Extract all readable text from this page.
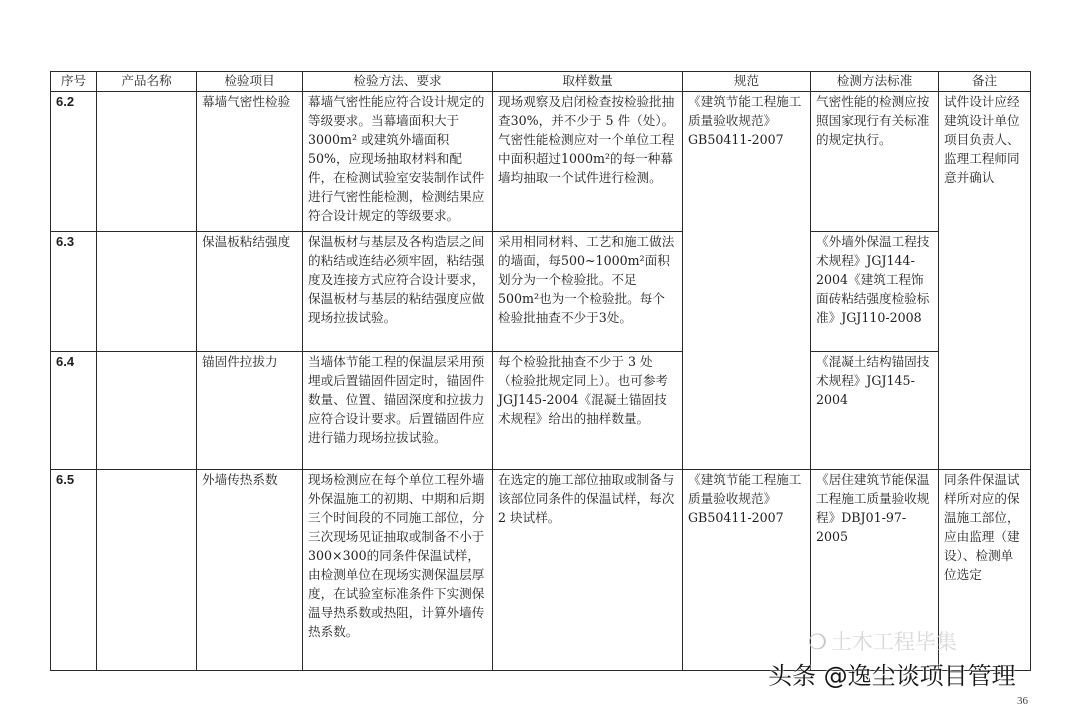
序号	产品名称	检验项目	检验方法、要求	取样数量	规范	检测方法标准	备注
6.2		幕墙气密性检验	幕墙气密性能应符合设计规定的等级要求。当幕墙面积大于 3000m² 或建筑外墙面积50%，应现场抽取材料和配件，在检测试验室安装制作试件进行气密性能检测，检测结果应符合设计规定的等级要求。	现场观察及启闭检查按检验批抽查30%，并不少于 5 件（处）。气密性能检测应对一个单位工程中面积超过1000m²的每一种幕墙均抽取一个试件进行检测。	《建筑节能工程施工质量验收规范》GB50411-2007	气密性能的检测应按照国家现行有关标准的规定执行。	试件设计应经建筑设计单位项目负责人、监理工程师同意并确认
6.3		保温板粘结强度	保温板材与基层及各构造层之间的粘结或连结必须牢固，粘结强度及连接方式应符合设计要求，保温板材与基层的粘结强度应做现场拉拔试验。	采用相同材料、工艺和施工做法的墙面，每500~1000m²面积划分为一个检验批。不足 500m²也为一个检验批。每个检验批抽查不少于3处。		《外墙外保温工程技术规程》JGJ144-2004《建筑工程饰面砖粘结强度检验标准》JGJ110-2008	
6.4		锚固件拉拔力	当墙体节能工程的保温层采用预埋或后置锚固件固定时，锚固件数量、位置、锚固深度和拉拔力应符合设计要求。后置锚固件应进行锚力现场拉拔试验。	每个检验批抽查不少于 3 处（检验批规定同上）。也可参考 JGJ145-2004《混凝土锚固技术规程》给出的抽样数量。		《混凝土结构锚固技术规程》JGJ145-2004	
6.5		外墙传热系数	现场检测应在每个单位工程外墙外保温施工的初期、中期和后期三个时间段的不同施工部位，分三次现场见证抽取或制备不小于 300×300的同条件保温试样，由检测单位在现场实测保温层厚度，在试验室标准条件下实测保温导热系数或热阻，计算外墙传热系数。	在选定的施工部位抽取或制备与该部位同条件的保温试样，每次 2 块试样。	《建筑节能工程施工质量验收规范》GB50411-2007	《居住建筑节能保温工程施工质量验收规程》DBJ01-97-2005	同条件保温试样所对应的保温施工部位，应由监理（建设）、检测单位选定
❍ 土木工程毕集
头条 @逸尘谈项目管理
36
